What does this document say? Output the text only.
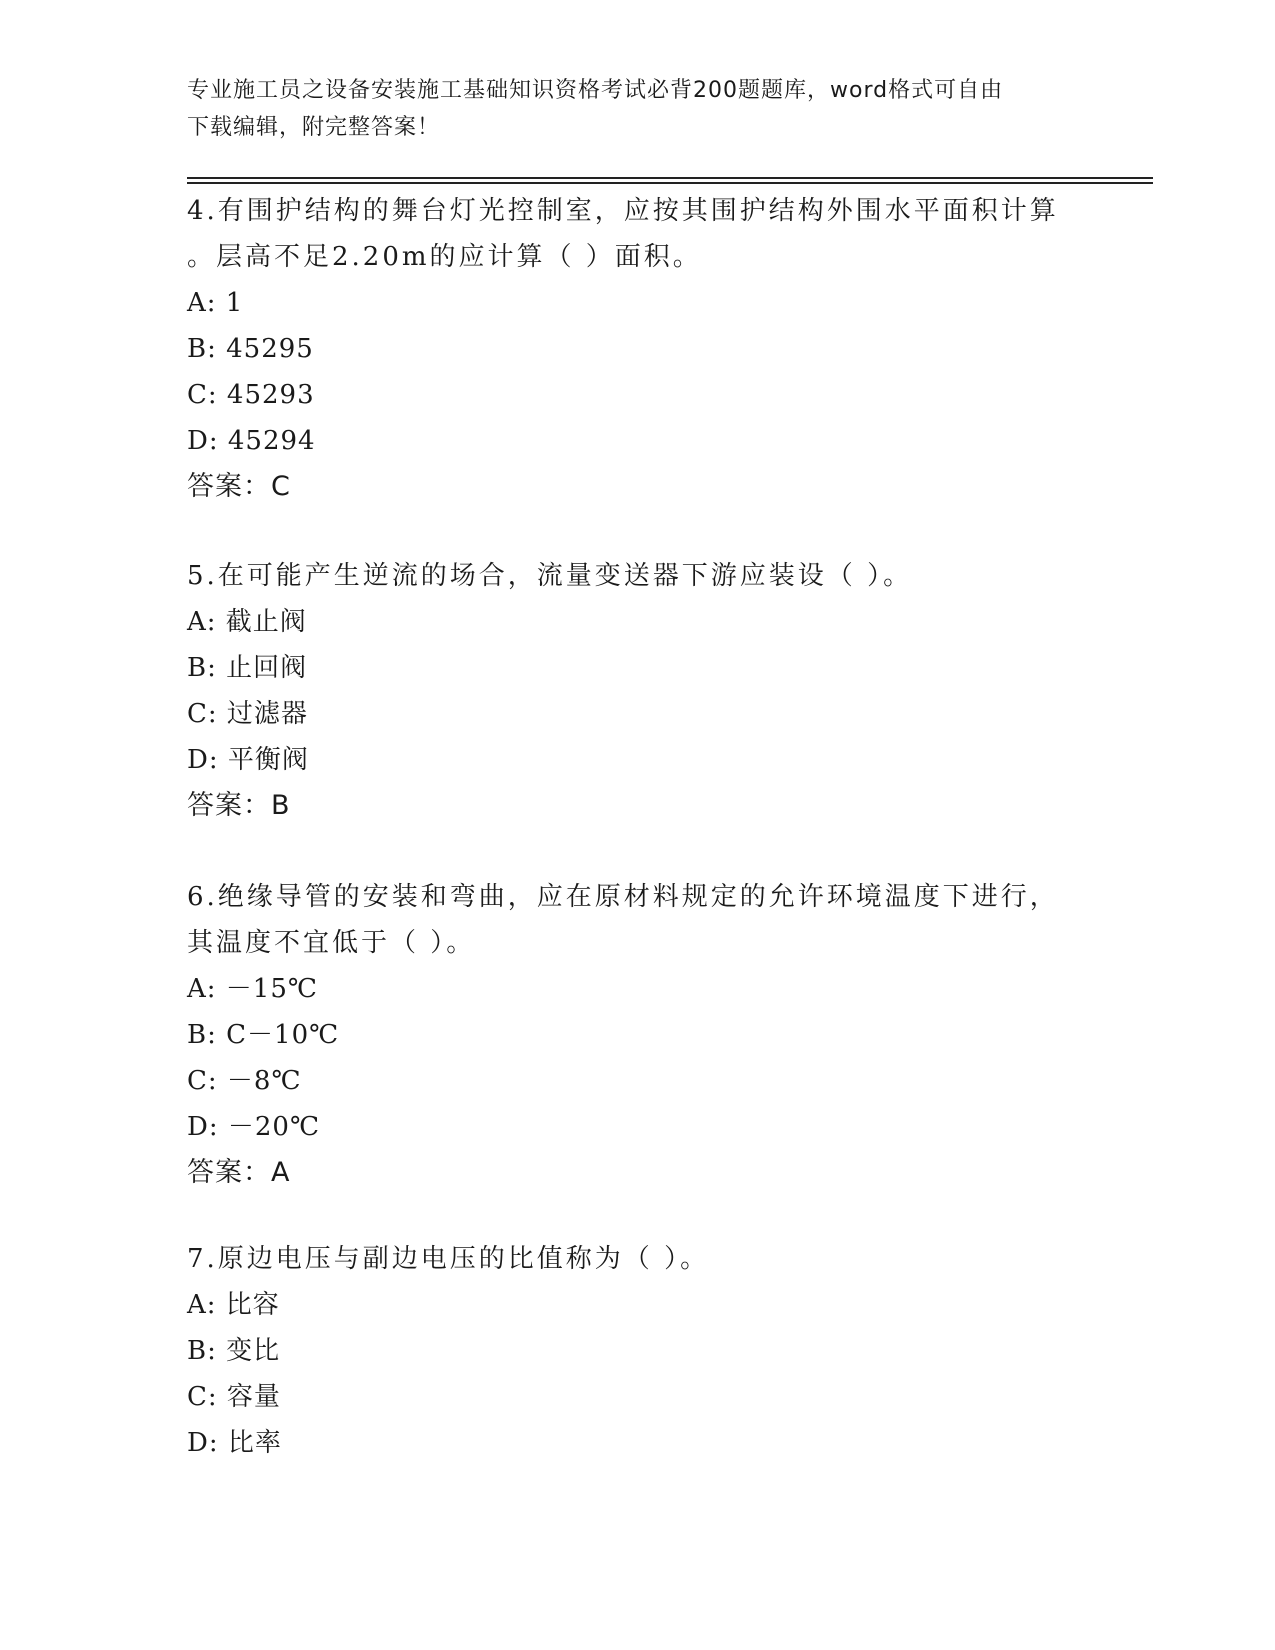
专业施工员之设备安装施工基础知识资格考试必背200题题库，word格式可自由
下载编辑，附完整答案！
4.有围护结构的舞台灯光控制室，应按其围护结构外围水平面积计算
。层高不足2.20m的应计算（ ）面积。
A: 1
B: 45295
C: 45293
D: 45294
答案：C
5.在可能产生逆流的场合，流量变送器下游应装设（ ）。
A: 截止阀
B: 止回阀
C: 过滤器
D: 平衡阀
答案：B
6.绝缘导管的安装和弯曲，应在原材料规定的允许环境温度下进行，
其温度不宜低于（ ）。
A: －15℃
B: C－10℃
C: －8℃
D: －20℃
答案：A
7.原边电压与副边电压的比值称为（ ）。
A: 比容
B: 变比
C: 容量
D: 比率
